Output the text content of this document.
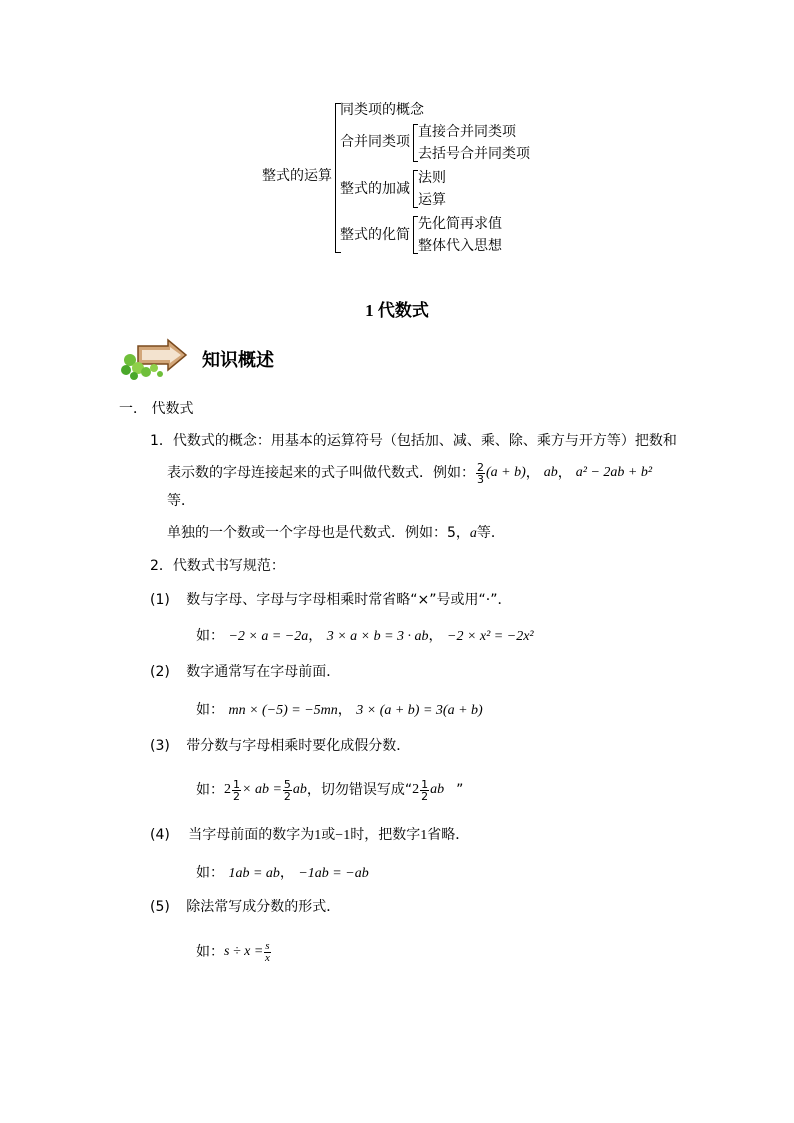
整式的运算
同类项的概念
合并同类项
直接合并同类项
去括号合并同类项
整式的加减
法则
运算
整式的化简
先化简再求值
整体代入思想
1 代数式
知识概述
一． 代数式
1．代数式的概念：用基本的运算符号（包括加、减、乘、除、乘方与开方等）把数和
表示数的字母连接起来的式子叫做代数式．例如： $\frac{2}{3} (a + b)$ ， ab ， a² − 2ab + b²
等．
单独的一个数或一个字母也是代数式．例如：5，a等．
2．代数式书写规范：
(1) 数与字母、字母与字母相乘时常省略“×”号或用“·”．
如： −2 × a = −2a， 3 × a × b = 3 · ab， −2 × x² = −2x²
(2) 数字通常写在字母前面．
如： mn × (−5) = −5mn， 3 × (a + b) = 3(a + b)
(3) 带分数与字母相乘时要化成假分数．
如： $2 \frac{1}{2}$ × ab = $\frac{5}{2}$ ab ，切勿错误写成“ $2 \frac{1}{2}$ ab ”
(4) 当字母前面的数字为1或−1时，把数字1省略．
如： 1ab = ab， −1ab = −ab
(5) 除法常写成分数的形式．
如： $s \div x = \frac{s}{x}$
